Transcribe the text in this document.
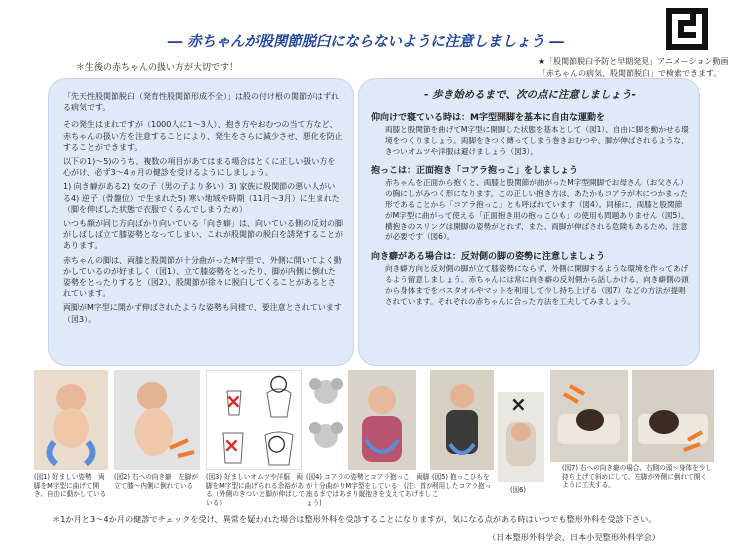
― 赤ちゃんが股関節脱臼にならないように注意しましょう ―
＊生後の赤ちゃんの扱い方が大切です！
★「股関節脱臼予防と早期発見」アニメーション動画
「赤ちゃんの病気、股関節脱臼」で検索できます。

「先天性股関節脱臼（発育性股関節形成不全）」は股の付け根の関節がはずれる病気です。

その発生はまれですが（1000人に1～3人）、抱き方やおむつの当て方など、赤ちゃんの扱い方を注意することにより、発生をさらに減少させ、悪化を防止することができます。

以下の1)～5)のうち、複数の項目があてはまる場合はとくに正しい扱い方を心がけ、必ず3～4ヵ月の健診を受けるようにしましょう。

1) 向き癖がある2) 女の子（男の子より多い）3) 家族に股関節の悪い人がいる4) 逆子（骨盤位）で生まれた5) 寒い地域や時期（11月～3月）に生まれた（脚を伸ばした状態で衣服でくるんでしまうため）

いつも顔が同じ方向ばかり向いている「向き癖」は、向いている側の反対の脚がしばしば立て膝姿勢となってしまい、これが股関節の脱臼を誘発することがあります。

赤ちゃんの脚は、両膝と股関節が十分曲がったM字型で、外側に開いてよく動かしているのが好ましく（図1）、立て膝姿勢をとったり、脚が内側に倒れた姿勢をとったりすると（図2）、股関節が徐々に脱臼してくることがあるとされています。

両脚がM字型に開かず伸ばされたような姿勢も同様で、要注意とされています（図3）。

- 歩き始めるまで、次の点に注意しましょう-
仰向けで寝ている時は：M字型開脚を基本に自由な運動を
両膝と股関節を曲げてM字型に開脚した状態を基本として（図1）、自由に脚を動かせる環境をつくりましょう。両脚をきつく縛ってしまう巻きおむつや、脚が伸ばされるような、きついオムツや洋服は避けましょう（図3）。
抱っこは：正面抱き「コアラ抱っこ」をしましょう
赤ちゃんを正面から抱くと、両膝と股関節が曲がったM字型開脚でお母さん（お父さん）の胸にしがみつく形になります。この正しい抱き方は、あたかもコアラが木につかまった形であることから「コアラ抱っこ」とも呼ばれています（図4）。同様に、両膝と股関節がM字型に曲がって使える「正面抱き用の抱っこひも」の使用も問題ありません（図5）。横抱きのスリングは開脚の姿勢がとれず、また、両脚が伸ばされる危険もあるため、注意が必要です（図6）。
向き癖がある場合は：反対側の脚の姿勢に注意しましょう
向き癖方向と反対側の脚が立て膝姿勢にならず、外側に開脚するような環境を作ってあげるよう留意しましょう。赤ちゃんには常に向き癖の反対側から話しかける、向き癖側の頭から身体までをバスタオルやマットを利用して少し持ち上げる（図7）などの方法が提唱されています。それぞれの赤ちゃんに合った方法を工夫してみましょう。
(図1) 好ましい姿勢　両脚をM字型に曲げて開き、自由に動かしている
(図2) 右への向き癖　左脚が立て膝～内側に倒れている
×
○
× ○
(図3) 好ましいオムツや洋服　両脚をM字型に曲げられる余裕がある（外側のきついと脚が伸ばしている）
(図4) コアラの姿勢とコアラ抱っこ　両脚が十分曲がりM字型をしている　(注：首が座るまではあまり縦抱きを支えてあげましょう)
(図5) 抱っこひもを利用したコアラ抱っこ
×
(図6)
(図7) 右への向き癖の場合、右側の頭～身体を少し持ち上げて斜めにして、左脚が外側に倒れて開くように工夫する。
＊1か月と3～4か月の健診でチェックを受け、異常を疑われた場合は整形外科を受診することになりますが、気になる点がある時はいつでも整形外科を受診下さい。
（日本整形外科学会、日本小児整形外科学会）
